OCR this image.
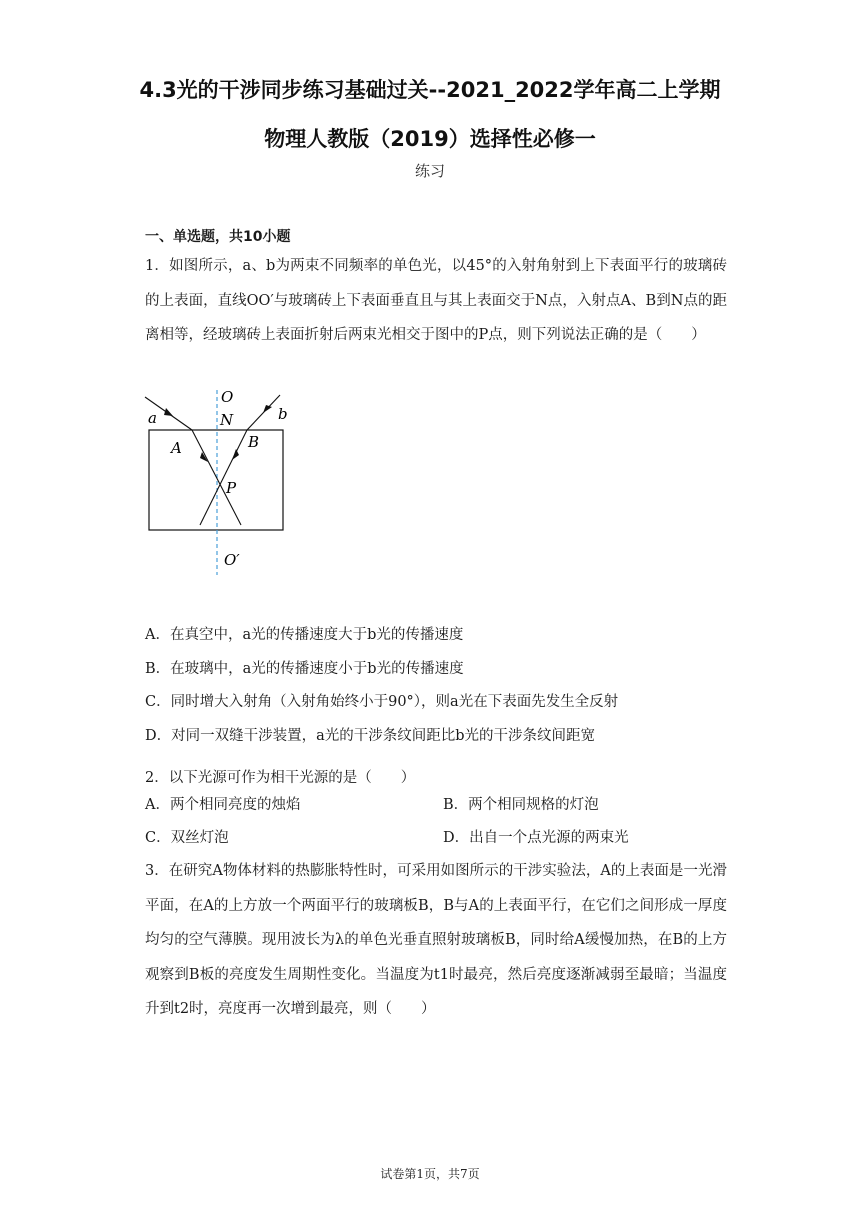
4.3光的干涉同步练习基础过关--2021_2022学年高二上学期
物理人教版（2019）选择性必修一
练习
一、单选题，共10小题
1．如图所示，a、b为两束不同频率的单色光，以45°的入射角射到上下表面平行的玻璃砖的上表面，直线OO′与玻璃砖上下表面垂直且与其上表面交于N点，入射点A、B到N点的距离相等，经玻璃砖上表面折射后两束光相交于图中的P点，则下列说法正确的是（　　）
O
N
a	b
A	B
P
O′
A．在真空中，a光的传播速度大于b光的传播速度
B．在玻璃中，a光的传播速度小于b光的传播速度
C．同时增大入射角（入射角始终小于90°），则a光在下表面先发生全反射
D．对同一双缝干涉装置，a光的干涉条纹间距比b光的干涉条纹间距宽
2．以下光源可作为相干光源的是（　　）
A．两个相同亮度的烛焰	B．两个相同规格的灯泡
C．双丝灯泡	D．出自一个点光源的两束光
3．在研究A物体材料的热膨胀特性时，可采用如图所示的干涉实验法，A的上表面是一光滑平面，在A的上方放一个两面平行的玻璃板B，B与A的上表面平行，在它们之间形成一厚度均匀的空气薄膜。现用波长为λ的单色光垂直照射玻璃板B，同时给A缓慢加热，在B的上方观察到B板的亮度发生周期性变化。当温度为t1时最亮，然后亮度逐渐减弱至最暗；当温度升到t2时，亮度再一次增到最亮，则（　　）
试卷第1页，共7页
